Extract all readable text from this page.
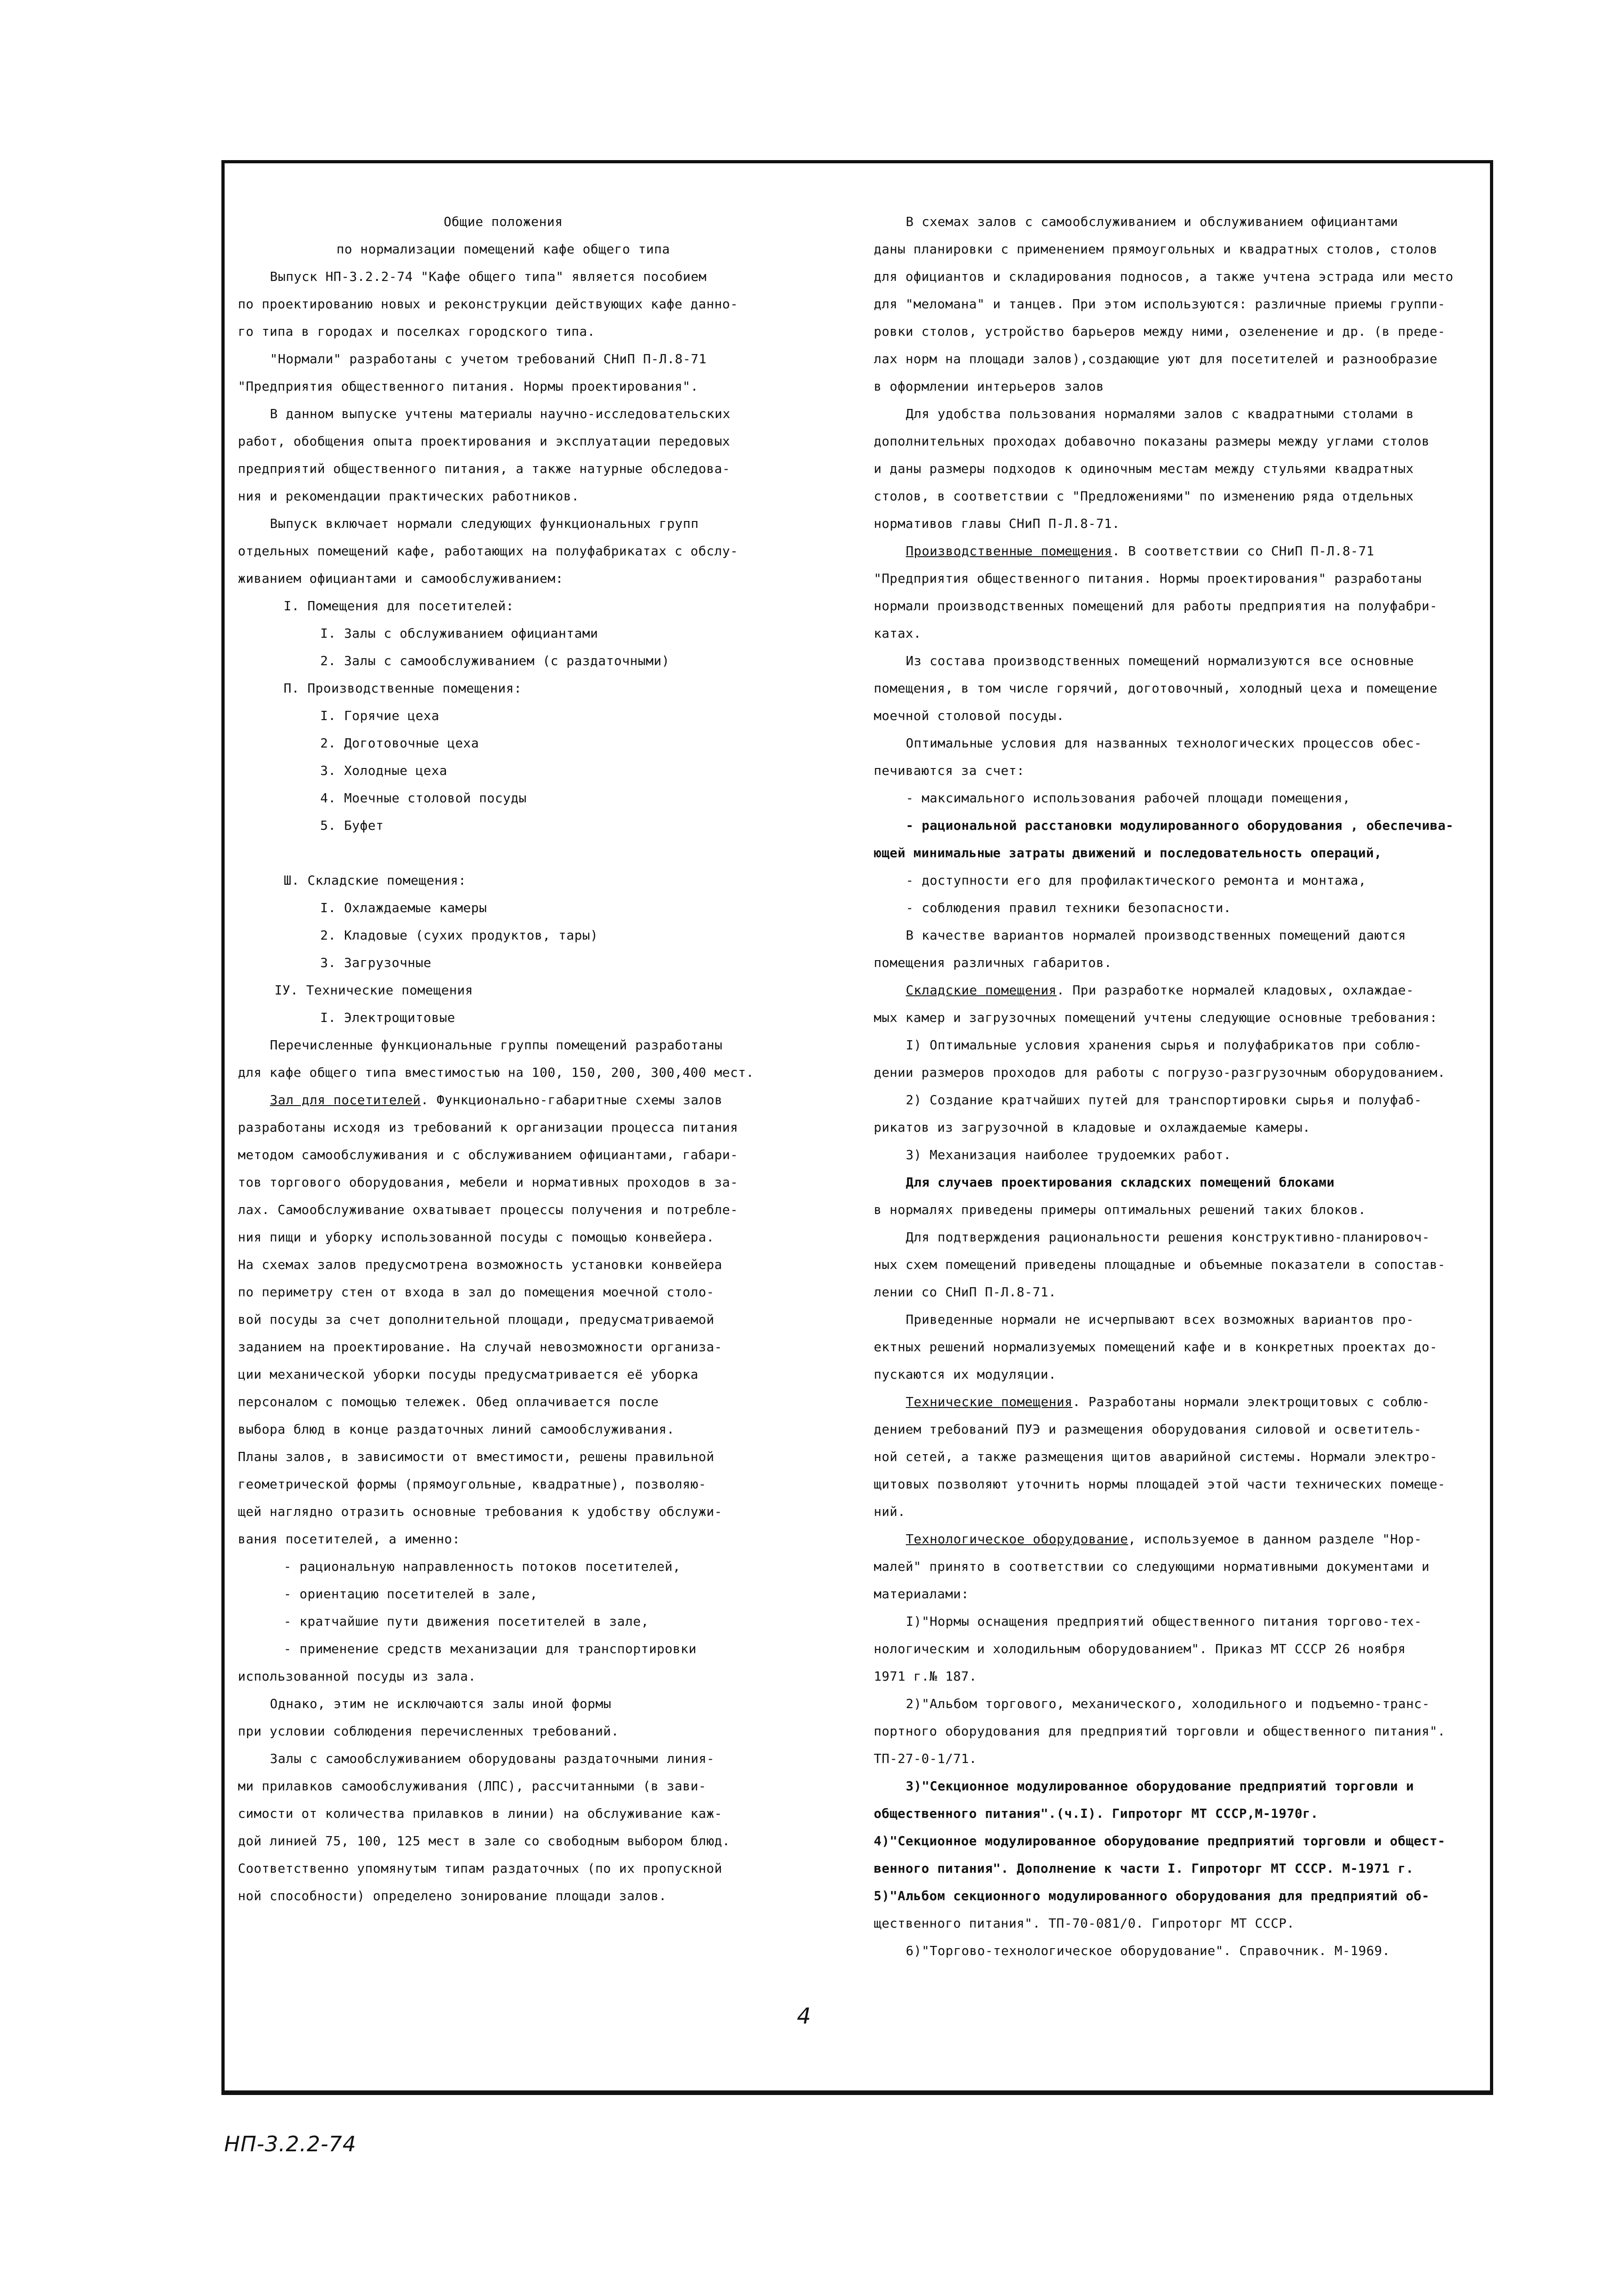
Общие положения

по нормализации помещений кафе общего типа

Выпуск НП-3.2.2-74 "Кафе общего типа" является пособием

по проектированию новых и реконструкции действующих кафе данно-

го типа в городах и поселках городского типа.

"Нормали" разработаны с учетом требований СНиП П-Л.8-71

"Предприятия общественного питания. Нормы проектирования".

В данном выпуске учтены материалы научно-исследовательских

работ, обобщения опыта проектирования и эксплуатации передовых

предприятий общественного питания, а также натурные обследова-

ния и рекомендации практических работников.

Выпуск включает нормали следующих функциональных групп

отдельных помещений кафе, работающих на полуфабрикатах с обслу-

живанием официантами и самообслуживанием:

I. Помещения для посетителей:

I. Залы с обслуживанием официантами

2. Залы с самообслуживанием (с раздаточными)

П. Производственные помещения:

I. Горячие цеха

2. Доготовочные цеха

3. Холодные цеха

4. Моечные столовой посуды

5. Буфет

Ш. Складские помещения:

I. Охлаждаемые камеры

2. Кладовые (сухих продуктов, тары)

3. Загрузочные

IУ. Технические помещения

I. Электрощитовые

Перечисленные функциональные группы помещений разработаны

для кафе общего типа вместимостью на 100, 150, 200, 300,400 мест.

Зал для посетителей. Функционально-габаритные схемы залов

разработаны исходя из требований к организации процесса питания

методом самообслуживания и с обслуживанием официантами, габари-

тов торгового оборудования, мебели и нормативных проходов в за-

лах. Самообслуживание охватывает процессы получения и потребле-

ния пищи и уборку использованной посуды с помощью конвейера.

На схемах залов предусмотрена возможность установки конвейера

по периметру стен от входа в зал до помещения моечной столо-

вой посуды за счет дополнительной площади, предусматриваемой

заданием на проектирование. На случай невозможности организа-

ции механической уборки посуды предусматривается её уборка

персоналом с помощью тележек. Обед оплачивается после

выбора блюд в конце раздаточных линий самообслуживания.

Планы залов, в зависимости от вместимости, решены правильной

геометрической формы (прямоугольные, квадратные), позволяю-

щей наглядно отразить основные требования к удобству обслужи-

вания посетителей, а именно:

- рациональную направленность потоков посетителей,

- ориентацию посетителей в зале,

- кратчайшие пути движения посетителей в зале,

- применение средств механизации для транспортировки

использованной посуды из зала.

Однако, этим не исключаются залы иной формы

при условии соблюдения перечисленных требований.

Залы с самообслуживанием оборудованы раздаточными линия-

ми прилавков самообслуживания (ЛПС), рассчитанными (в зави-

симости от количества прилавков в линии) на обслуживание каж-

дой линией 75, 100, 125 мест в зале со свободным выбором блюд.

Соответственно упомянутым типам раздаточных (по их пропускной

ной способности) определено зонирование площади залов.

В схемах залов с самообслуживанием и обслуживанием официантами

даны планировки с применением прямоугольных и квадратных столов, столов

для официантов и складирования подносов, а также учтена эстрада или место

для "меломана" и танцев. При этом используются: различные приемы группи-

ровки столов, устройство барьеров между ними, озеленение и др. (в преде-

лах норм на площади залов),создающие уют для посетителей и разнообразие

в оформлении интерьеров залов

Для удобства пользования нормалями залов с квадратными столами в

дополнительных проходах добавочно показаны размеры между углами столов

и даны размеры подходов к одиночным местам между стульями квадратных

столов, в соответствии с "Предложениями" по изменению ряда отдельных

нормативов главы СНиП П-Л.8-71.

Производственные помещения. В соответствии со СНиП П-Л.8-71

"Предприятия общественного питания. Нормы проектирования" разработаны

нормали производственных помещений для работы предприятия на полуфабри-

катах.

Из состава производственных помещений нормализуются все основные

помещения, в том числе горячий, доготовочный, холодный цеха и помещение

моечной столовой посуды.

Оптимальные условия для названных технологических процессов обес-

печиваются за счет:

- максимального использования рабочей площади помещения,

- рациональной расстановки модулированного оборудования , обеспечива-

ющей минимальные затраты движений и последовательность операций,

- доступности его для профилактического ремонта и монтажа,

- соблюдения правил техники безопасности.

В качестве вариантов нормалей производственных помещений даются

помещения различных габаритов.

Складские помещения. При разработке нормалей кладовых, охлаждае-

мых камер и загрузочных помещений учтены следующие основные требования:

I) Оптимальные условия хранения сырья и полуфабрикатов при соблю-

дении размеров проходов для работы с погрузо-разгрузочным оборудованием.

2) Создание кратчайших путей для транспортировки сырья и полуфаб-

рикатов из загрузочной в кладовые и охлаждаемые камеры.

3) Механизация наиболее трудоемких работ.

Для случаев проектирования складских помещений блоками

в нормалях приведены примеры оптимальных решений таких блоков.

Для подтверждения рациональности решения конструктивно-планировоч-

ных схем помещений приведены площадные и объемные показатели в сопостав-

лении со СНиП П-Л.8-71.

Приведенные нормали не исчерпывают всех возможных вариантов про-

ектных решений нормализуемых помещений кафе и в конкретных проектах до-

пускаются их модуляции.

Технические помещения. Разработаны нормали электрощитовых с соблю-

дением требований ПУЭ и размещения оборудования силовой и осветитель-

ной сетей, а также размещения щитов аварийной системы. Нормали электро-

щитовых позволяют уточнить нормы площадей этой части технических помеще-

ний.

Технологическое оборудование, используемое в данном разделе "Нор-

малей" принято в соответствии со следующими нормативными документами и

материалами:

I)"Нормы оснащения предприятий общественного питания торгово-тех-

нологическим и холодильным оборудованием". Приказ МТ СССР 26 ноября

1971 г.№ 187.

2)"Альбом торгового, механического, холодильного и подъемно-транс-

портного оборудования для предприятий торговли и общественного питания".

ТП-27-0-1/71.

3)"Секционное модулированное оборудование предприятий торговли и

общественного питания".(ч.I). Гипроторг МТ СССР,М-1970г.

4)"Секционное модулированное оборудование предприятий торговли и общест-

венного питания". Дополнение к части I. Гипроторг МТ СССР. М-1971 г.

5)"Альбом секционного модулированного оборудования для предприятий об-

щественного питания". ТП-70-081/0. Гипроторг МТ СССР.

6)"Торгово-технологическое оборудование". Справочник. М-1969.

4
НП-3.2.2-74
